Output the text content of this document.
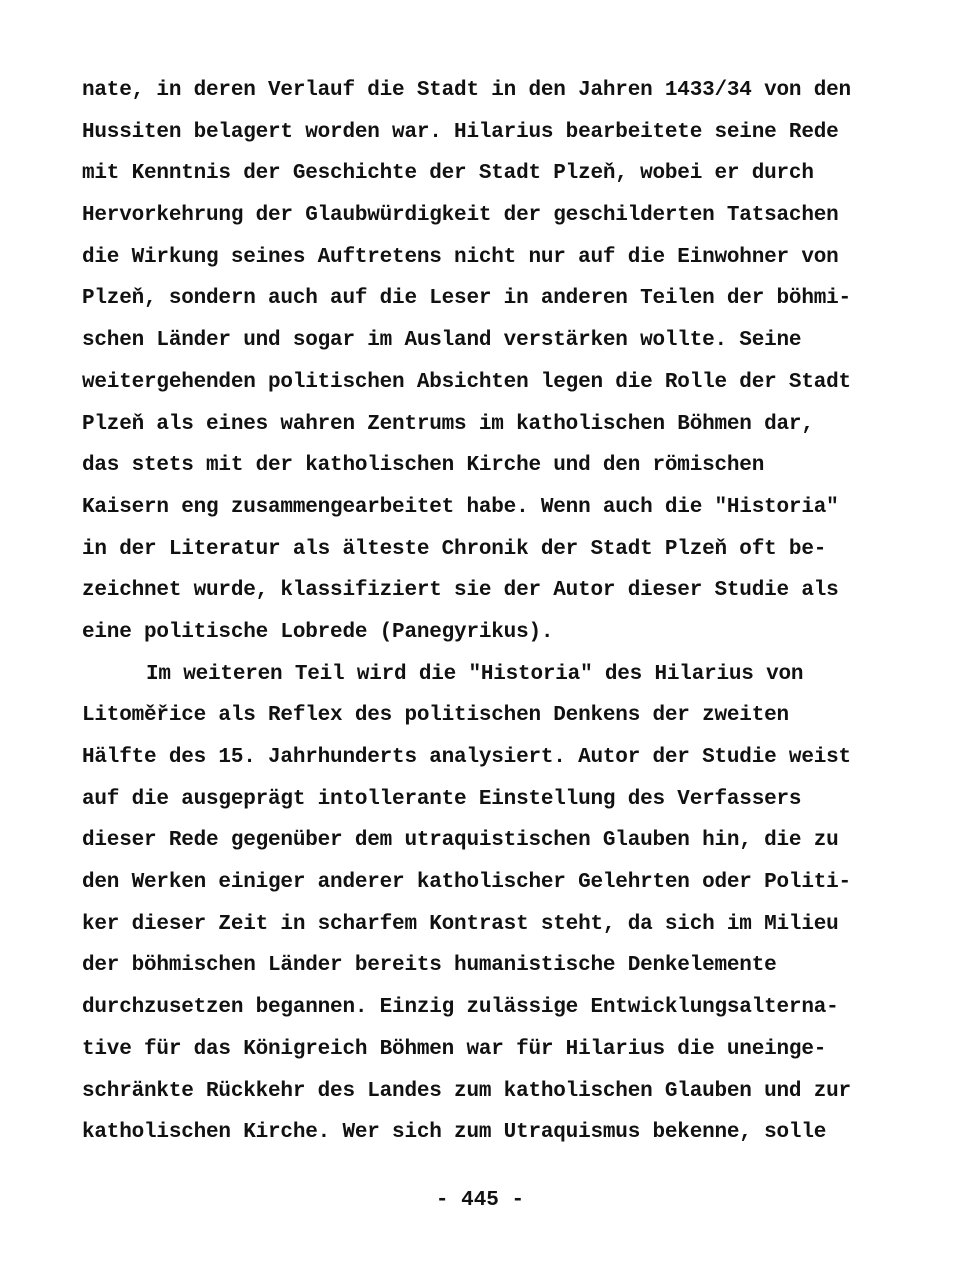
nate, in deren Verlauf die Stadt in den Jahren 1433/34 von den
Hussiten belagert worden war. Hilarius bearbeitete seine Rede
mit Kenntnis der Geschichte der Stadt Plzeň, wobei er durch
Hervorkehrung der Glaubwürdigkeit der geschilderten Tatsachen
die Wirkung seines Auftretens nicht nur auf die Einwohner von
Plzeň, sondern auch auf die Leser in anderen Teilen der böhmi-
schen Länder und sogar im Ausland verstärken wollte. Seine
weitergehenden politischen Absichten legen die Rolle der Stadt
Plzeň als eines wahren Zentrums im katholischen Böhmen dar,
das stets mit der katholischen Kirche und den römischen
Kaisern eng zusammengearbeitet habe. Wenn auch die "Historia"
in der Literatur als älteste Chronik der Stadt Plzeň oft be-
zeichnet wurde, klassifiziert sie der Autor dieser Studie als
eine politische Lobrede (Panegyrikus).
Im weiteren Teil wird die "Historia" des Hilarius von
Litoměřice als Reflex des politischen Denkens der zweiten
Hälfte des 15. Jahrhunderts analysiert. Autor der Studie weist
auf die ausgeprägt intollerante Einstellung des Verfassers
dieser Rede gegenüber dem utraquistischen Glauben hin, die zu
den Werken einiger anderer katholischer Gelehrten oder Politi-
ker dieser Zeit in scharfem Kontrast steht, da sich im Milieu
der böhmischen Länder bereits humanistische Denkelemente
durchzusetzen begannen. Einzig zulässige Entwicklungsalterna-
tive für das Königreich Böhmen war für Hilarius die uneinge-
schränkte Rückkehr des Landes zum katholischen Glauben und zur
katholischen Kirche. Wer sich zum Utraquismus bekenne, solle
- 445 -
